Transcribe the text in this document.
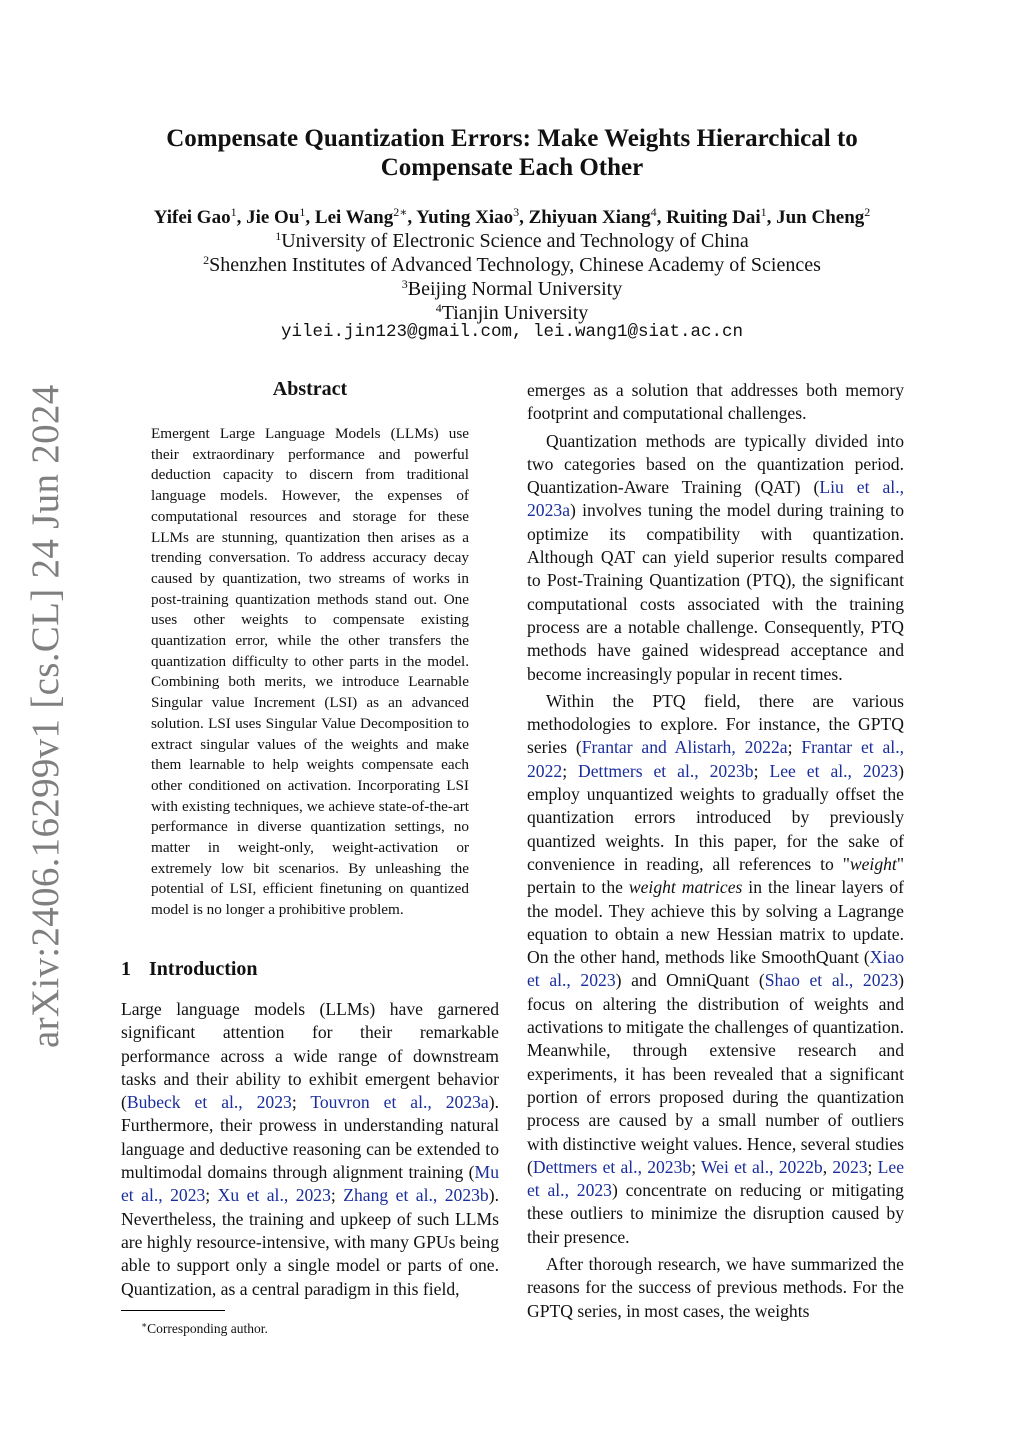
Compensate Quantization Errors: Make Weights Hierarchical to Compensate Each Other
Yifei Gao$^1$, Jie Ou$^1$, Lei Wang$^{2∗}$, Yuting Xiao$^3$, Zhiyuan Xiang$^4$, Ruiting Dai$^1$, Jun Cheng$^2$
$^1$University of Electronic Science and Technology of China
$^2$Shenzhen Institutes of Advanced Technology, Chinese Academy of Sciences
$^3$Beijing Normal University
$^4$Tianjin University
yilei.jin123@gmail.com, lei.wang1@siat.ac.cn
arXiv:2406.16299v1 [cs.CL] 24 Jun 2024	Abstract
Emergent Large Language Models (LLMs) use their extraordinary performance and powerful deduction capacity to discern from traditional language models. However, the expenses of computational resources and storage for these LLMs are stunning, quantization then arises as a trending conversation. To address accuracy decay caused by quantization, two streams of works in post-training quantization methods stand out. One uses other weights to compensate existing quantization error, while the other transfers the quantization difficulty to other parts in the model. Combining both merits, we introduce Learnable Singular value Increment (LSI) as an advanced solution. LSI uses Singular Value Decomposition to extract singular values of the weights and make them learnable to help weights compensate each other conditioned on activation. Incorporating LSI with existing techniques, we achieve state-of-the-art performance in diverse quantization settings, no matter in weight-only, weight-activation or extremely low bit scenarios. By unleashing the potential of LSI, efficient finetuning on quantized model is no longer a prohibitive problem.
1 Introduction
Large language models (LLMs) have garnered significant attention for their remarkable performance across a wide range of downstream tasks and their ability to exhibit emergent behavior (Bubeck et al., 2023; Touvron et al., 2023a). Furthermore, their prowess in understanding natural language and deductive reasoning can be extended to multimodal domains through alignment training (Mu et al., 2023; Xu et al., 2023; Zhang et al., 2023b). Nevertheless, the training and upkeep of such LLMs are highly resource-intensive, with many GPUs being able to support only a single model or parts of one. Quantization, as a central paradigm in this field,
∗Corresponding author.

emerges as a solution that addresses both memory footprint and computational challenges.

Quantization methods are typically divided into two categories based on the quantization period. Quantization-Aware Training (QAT) (Liu et al., 2023a) involves tuning the model during training to optimize its compatibility with quantization. Although QAT can yield superior results compared to Post-Training Quantization (PTQ), the significant computational costs associated with the training process are a notable challenge. Consequently, PTQ methods have gained widespread acceptance and become increasingly popular in recent times.

Within the PTQ field, there are various methodologies to explore. For instance, the GPTQ series (Frantar and Alistarh, 2022a; Frantar et al., 2022; Dettmers et al., 2023b; Lee et al., 2023) employ unquantized weights to gradually offset the quantization errors introduced by previously quantized weights. In this paper, for the sake of convenience in reading, all references to "weight" pertain to the weight matrices in the linear layers of the model. They achieve this by solving a Lagrange equation to obtain a new Hessian matrix to update. On the other hand, methods like SmoothQuant (Xiao et al., 2023) and OmniQuant (Shao et al., 2023) focus on altering the distribution of weights and activations to mitigate the challenges of quantization. Meanwhile, through extensive research and experiments, it has been revealed that a significant portion of errors proposed during the quantization process are caused by a small number of outliers with distinctive weight values. Hence, several studies (Dettmers et al., 2023b; Wei et al., 2022b, 2023; Lee et al., 2023) concentrate on reducing or mitigating these outliers to minimize the disruption caused by their presence.

After thorough research, we have summarized the reasons for the success of previous methods. For the GPTQ series, in most cases, the weights
